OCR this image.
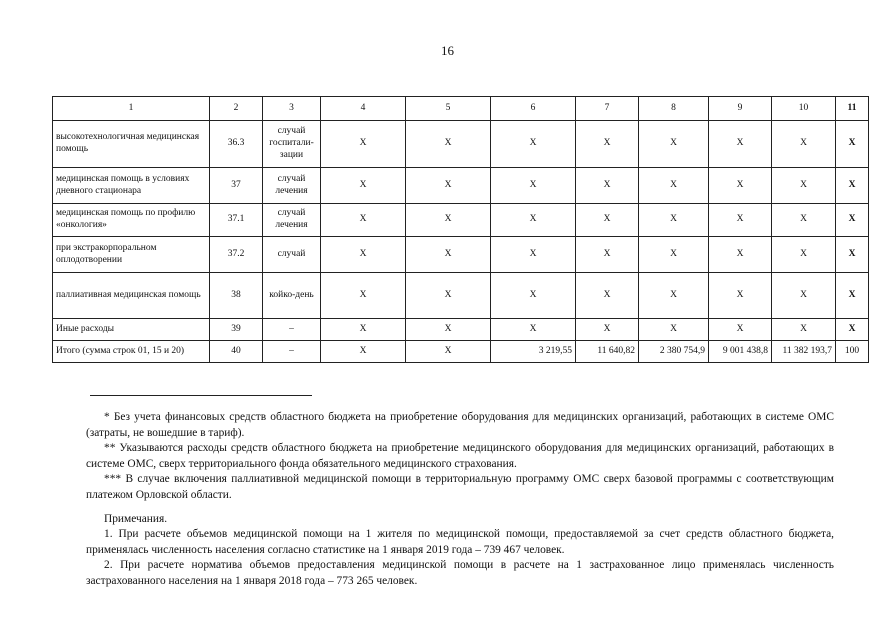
16
1	2	3	4	5	6	7	8	9	10	11
высокотехнологичная медицинская помощь	36.3	случай госпитали-зации	Х	Х	Х	Х	Х	Х	Х	Х
медицинская помощь в условиях дневного стационара	37	случай лечения	Х	Х	Х	Х	Х	Х	Х	Х
медицинская помощь по профилю «онкология»	37.1	случай лечения	Х	Х	Х	Х	Х	Х	Х	Х
при экстракорпоральном оплодотворении	37.2	случай	Х	Х	Х	Х	Х	Х	Х	Х
паллиативная медицинская помощь	38	койко-день	Х	Х	Х	Х	Х	Х	Х	Х
Иные расходы	39	–	Х	Х	Х	Х	Х	Х	Х	Х
Итого (сумма строк 01, 15 и 20)	40	–	Х	Х	3 219,55	11 640,82	2 380 754,9	9 001 438,8	11 382 193,7	100

* Без учета финансовых средств областного бюджета на приобретение оборудования для медицинских организаций, работающих в системе ОМС (затраты, не вошедшие в тариф).

** Указываются расходы средств областного бюджета на приобретение медицинского оборудования для медицинских организаций, работающих в системе ОМС, сверх территориального фонда обязательного медицинского страхования.

*** В случае включения паллиативной медицинской помощи в территориальную программу ОМС сверх базовой программы с соответствующим платежом Орловской области.

Примечания.

1. При расчете объемов медицинской помощи на 1 жителя по медицинской помощи, предоставляемой за счет средств областного бюджета, применялась численность населения согласно статистике на 1 января 2019 года – 739 467 человек.

2. При расчете норматива объемов предоставления медицинской помощи в расчете на 1 застрахованное лицо применялась численность застрахованного населения на 1 января 2018 года – 773 265 человек.
